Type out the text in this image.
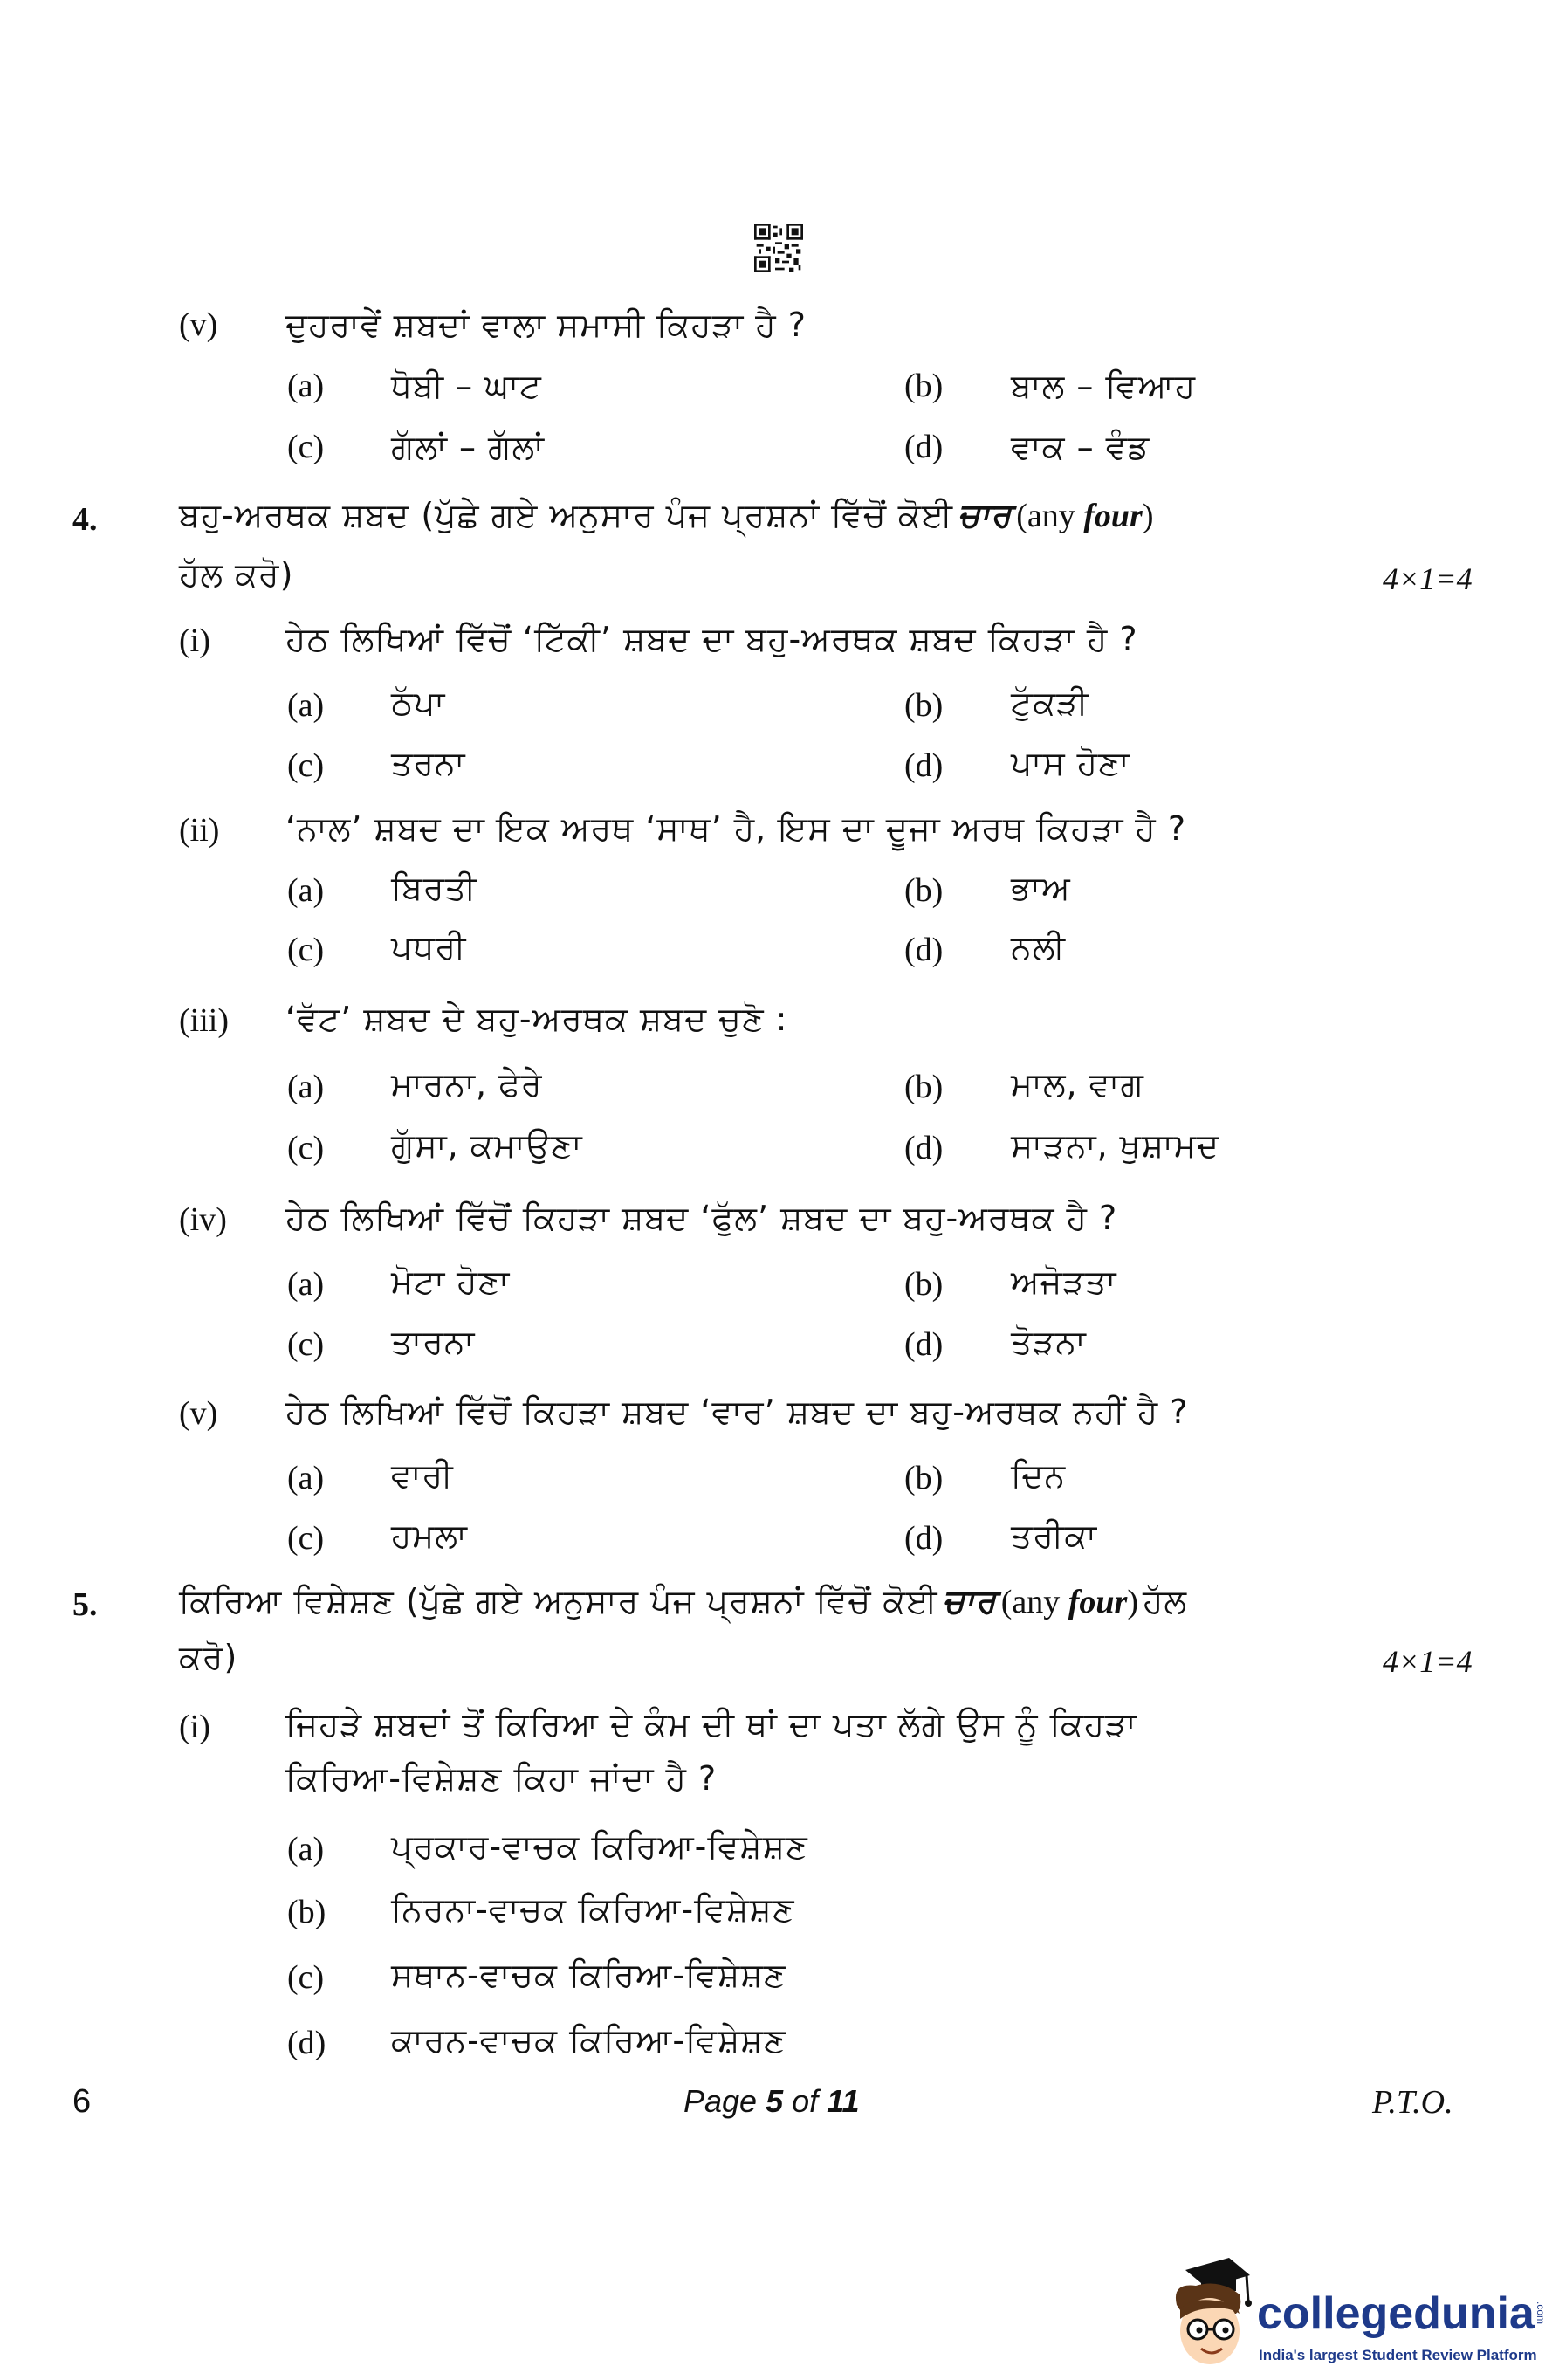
(v) ਦੁਹਰਾਵੇਂ ਸ਼ਬਦਾਂ ਵਾਲਾ ਸਮਾਸੀ ਕਿਹੜਾ ਹੈ ?
(a) ਧੋਬੀ – ਘਾਟ	(b) ਬਾਲ – ਵਿਆਹ
(c) ਗੱਲਾਂ – ਗੱਲਾਂ	(d) ਵਾਕ – ਵੰਡ
4. ਬਹੁ-ਅਰਥਕ ਸ਼ਬਦ (ਪੁੱਛੇ ਗਏ ਅਨੁਸਾਰ ਪੰਜ ਪ੍ਰਸ਼ਨਾਂ ਵਿੱਚੋਂ ਕੋਈ ਚਾਰ (any four)
ਹੱਲ ਕਰੋ)	4×1=4
(i) ਹੇਠ ਲਿਖਿਆਂ ਵਿੱਚੋਂ ‘ਟਿੱਕੀ’ ਸ਼ਬਦ ਦਾ ਬਹੁ-ਅਰਥਕ ਸ਼ਬਦ ਕਿਹੜਾ ਹੈ ?
(a) ਠੱਪਾ	(b) ਟੁੱਕੜੀ
(c) ਤਰਨਾ	(d) ਪਾਸ ਹੋਣਾ
(ii) ‘ਨਾਲ’ ਸ਼ਬਦ ਦਾ ਇਕ ਅਰਥ ‘ਸਾਥ’ ਹੈ, ਇਸ ਦਾ ਦੂਜਾ ਅਰਥ ਕਿਹੜਾ ਹੈ ?
(a) ਬਿਰਤੀ	(b) ਭਾਅ
(c) ਪਧਰੀ	(d) ਨਲੀ
(iii) ‘ਵੱਟ’ ਸ਼ਬਦ ਦੇ ਬਹੁ-ਅਰਥਕ ਸ਼ਬਦ ਚੁਣੋ :
(a) ਮਾਰਨਾ, ਫੇਰੇ	(b) ਮਾਲ, ਵਾਗ
(c) ਗੁੱਸਾ, ਕਮਾਉਣਾ	(d) ਸਾੜਨਾ, ਖੁਸ਼ਾਮਦ
(iv) ਹੇਠ ਲਿਖਿਆਂ ਵਿੱਚੋਂ ਕਿਹੜਾ ਸ਼ਬਦ ‘ਫੁੱਲ’ ਸ਼ਬਦ ਦਾ ਬਹੁ-ਅਰਥਕ ਹੈ ?
(a) ਮੋਟਾ ਹੋਣਾ	(b) ਅਜੋੜਤਾ
(c) ਤਾਰਨਾ	(d) ਤੋੜਨਾ
(v) ਹੇਠ ਲਿਖਿਆਂ ਵਿੱਚੋਂ ਕਿਹੜਾ ਸ਼ਬਦ ‘ਵਾਰ’ ਸ਼ਬਦ ਦਾ ਬਹੁ-ਅਰਥਕ ਨਹੀਂ ਹੈ ?
(a) ਵਾਰੀ	(b) ਦਿਨ
(c) ਹਮਲਾ	(d) ਤਰੀਕਾ
5. ਕਿਰਿਆ ਵਿਸ਼ੇਸ਼ਣ (ਪੁੱਛੇ ਗਏ ਅਨੁਸਾਰ ਪੰਜ ਪ੍ਰਸ਼ਨਾਂ ਵਿੱਚੋਂ ਕੋਈ ਚਾਰ (any four) ਹੱਲ
ਕਰੋ)	4×1=4
(i) ਜਿਹੜੇ ਸ਼ਬਦਾਂ ਤੋਂ ਕਿਰਿਆ ਦੇ ਕੰਮ ਦੀ ਥਾਂ ਦਾ ਪਤਾ ਲੱਗੇ ਉਸ ਨੂੰ ਕਿਹੜਾ
ਕਿਰਿਆ-ਵਿਸ਼ੇਸ਼ਣ ਕਿਹਾ ਜਾਂਦਾ ਹੈ ?
(a) ਪ੍ਰਕਾਰ-ਵਾਚਕ ਕਿਰਿਆ-ਵਿਸ਼ੇਸ਼ਣ
(b) ਨਿਰਨਾ-ਵਾਚਕ ਕਿਰਿਆ-ਵਿਸ਼ੇਸ਼ਣ
(c) ਸਥਾਨ-ਵਾਚਕ ਕਿਰਿਆ-ਵਿਸ਼ੇਸ਼ਣ
(d) ਕਾਰਨ-ਵਾਚਕ ਕਿਰਿਆ-ਵਿਸ਼ੇਸ਼ਣ
6	Page 5 of 11	P.T.O.
collegedunia .com
India's largest Student Review Platform
